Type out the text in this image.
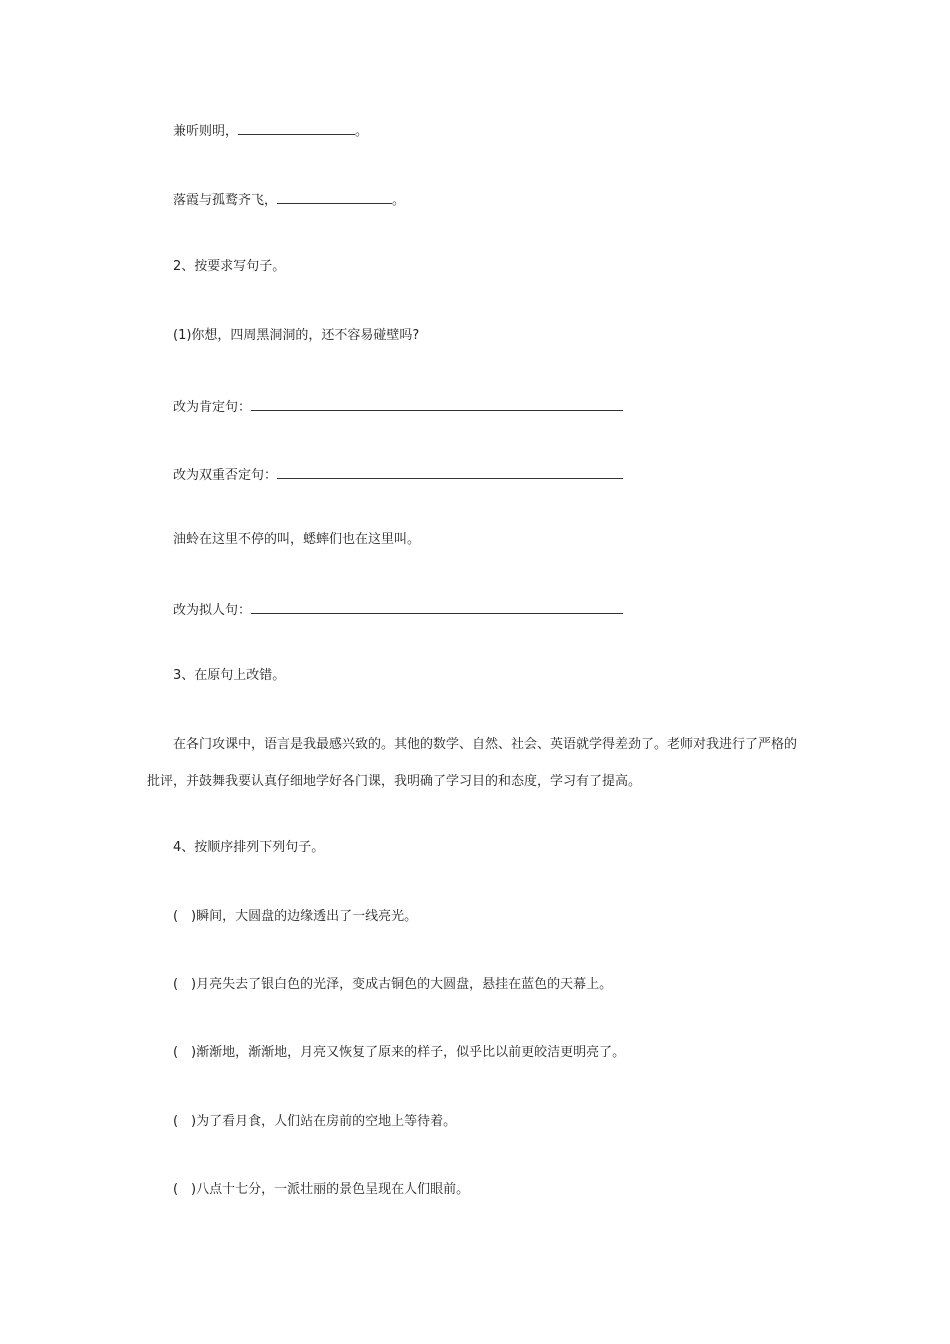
兼听则明，	。
落霞与孤鹜齐飞，	。
2、按要求写句子。
(1)你想，四周黑洞洞的，还不容易碰壁吗?
改为肯定句：
改为双重否定句：
油蛉在这里不停的叫，蟋蟀们也在这里叫。
改为拟人句：
3、在原句上改错。
在各门攻课中，语言是我最感兴致的。其他的数学、自然、社会、英语就学得差劲了。老师对我进行了严格的批评，并鼓舞我要认真仔细地学好各门课，我明确了学习目的和态度，学习有了提高。
4、按顺序排列下列句子。
( )瞬间，大圆盘的边缘透出了一线亮光。
( )月亮失去了银白色的光泽，变成古铜色的大圆盘，悬挂在蓝色的天幕上。
( )渐渐地，渐渐地，月亮又恢复了原来的样子，似乎比以前更皎洁更明亮了。
( )为了看月食，人们站在房前的空地上等待着。
( )八点十七分，一派壮丽的景色呈现在人们眼前。
